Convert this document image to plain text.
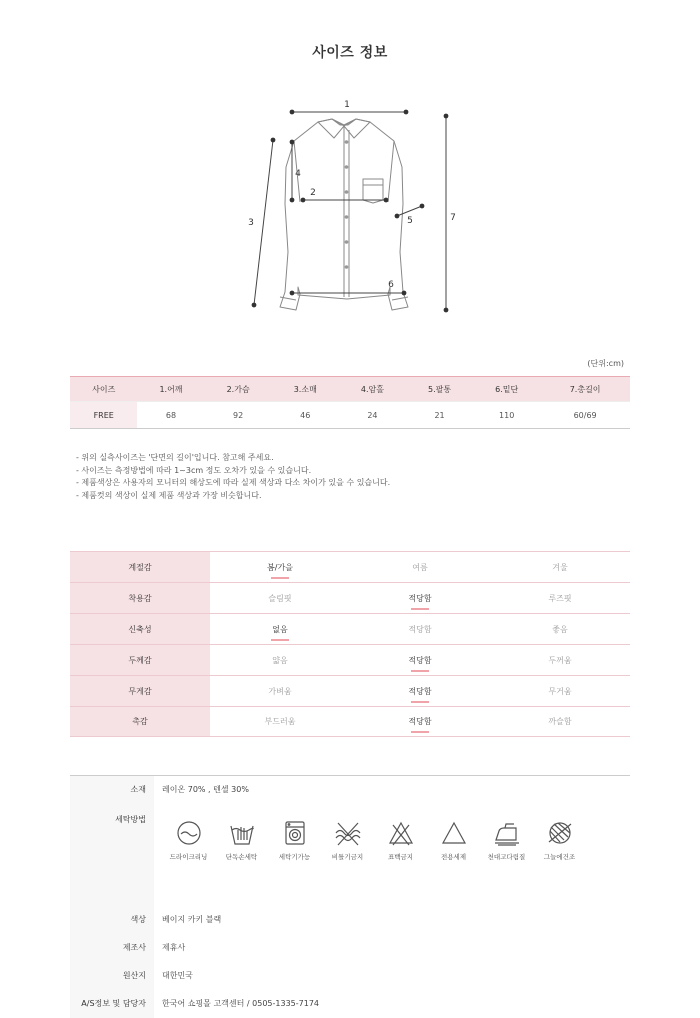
사이즈 정보
1
2
3
4
5
6
7
(단위:cm)
사이즈	1.어깨	2.가슴	3.소매	4.암홀	5.팔통	6.밑단	7.총길이
FREE	68	92	46	24	21	110	60/69
- 위의 실측사이즈는 '단면의 길이'입니다. 참고해 주세요.
- 사이즈는 측정방법에 따라 1~3cm 정도 오차가 있을 수 있습니다.
- 제품색상은 사용자의 모니터의 해상도에 따라 실제 색상과 다소 차이가 있을 수 있습니다.
- 제품컷의 색상이 실제 제품 색상과 가장 비슷합니다.
계절감	봄/가을	여름	겨울
착용감	슬림핏	적당함	루즈핏
신축성	없음	적당함	좋음
두께감	얇음	적당함	두꺼움
무게감	가벼움	적당함	무거움
촉감	부드러움	적당함	까슬함
소재	레이온 70% , 텐셀 30%
세탁방법
드라이크리닝	단독손세탁	세탁기가능	비틀기금지	표백금지	전용세제	천대고다림질	그늘에건조
색상	베이지 카키 블랙
제조사	제휴사
원산지	대한민국
A/S정보 및 담당자	한국어 쇼핑몰 고객센터 / 0505-1335-7174
